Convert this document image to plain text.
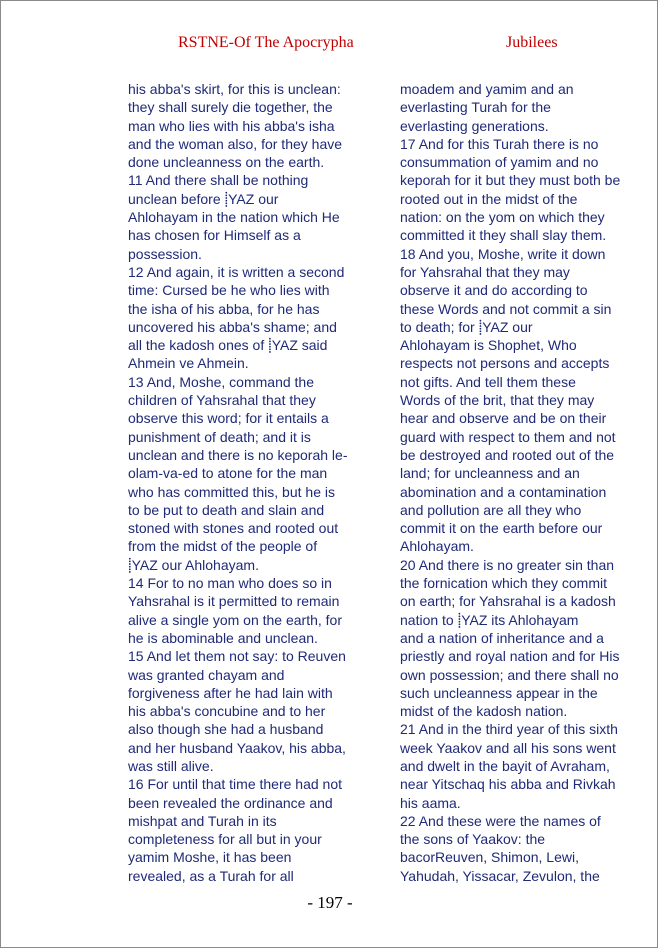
RSTNE-Of The Apocrypha	Jubilees
his abba's skirt, for this is unclean:
they shall surely die together, the
man who lies with his abba's isha
and the woman also, for they have
done uncleanness on the earth.
11 And there shall be nothing
unclean before ⸽YAZ our
Ahlohayam in the nation which He
has chosen for Himself as a
possession.
12 And again, it is written a second
time: Cursed be he who lies with
the isha of his abba, for he has
uncovered his abba's shame; and
all the kadosh ones of ⸽YAZ said
Ahmein ve Ahmein.
13 And, Moshe, command the
children of Yahsrahal that they
observe this word; for it entails a
punishment of death; and it is
unclean and there is no keporah le-
olam-va-ed to atone for the man
who has committed this, but he is
to be put to death and slain and
stoned with stones and rooted out
from the midst of the people of
⸽YAZ our Ahlohayam.
14 For to no man who does so in
Yahsrahal is it permitted to remain
alive a single yom on the earth, for
he is abominable and unclean.
15 And let them not say: to Reuven
was granted chayam and
forgiveness after he had lain with
his abba's concubine and to her
also though she had a husband
and her husband Yaakov, his abba,
was still alive.
16 For until that time there had not
been revealed the ordinance and
mishpat and Turah in its
completeness for all but in your
yamim Moshe, it has been
revealed, as a Turah for all
moadem and yamim and an
everlasting Turah for the
everlasting generations.
17 And for this Turah there is no
consummation of yamim and no
keporah for it but they must both be
rooted out in the midst of the
nation: on the yom on which they
committed it they shall slay them.
18 And you, Moshe, write it down
for Yahsrahal that they may
observe it and do according to
these Words and not commit a sin
to death; for ⸽YAZ our
Ahlohayam is Shophet, Who
respects not persons and accepts
not gifts. And tell them these
Words of the brit, that they may
hear and observe and be on their
guard with respect to them and not
be destroyed and rooted out of the
land; for uncleanness and an
abomination and a contamination
and pollution are all they who
commit it on the earth before our
Ahlohayam.
20 And there is no greater sin than
the fornication which they commit
on earth; for Yahsrahal is a kadosh
nation to ⸽YAZ its Ahlohayam
and a nation of inheritance and a
priestly and royal nation and for His
own possession; and there shall no
such uncleanness appear in the
midst of the kadosh nation.
21 And in the third year of this sixth
week Yaakov and all his sons went
and dwelt in the bayit of Avraham,
near Yitschaq his abba and Rivkah
his aama.
22 And these were the names of
the sons of Yaakov: the
bacorReuven, Shimon, Lewi,
Yahudah, Yissacar, Zevulon, the
- 197 -
